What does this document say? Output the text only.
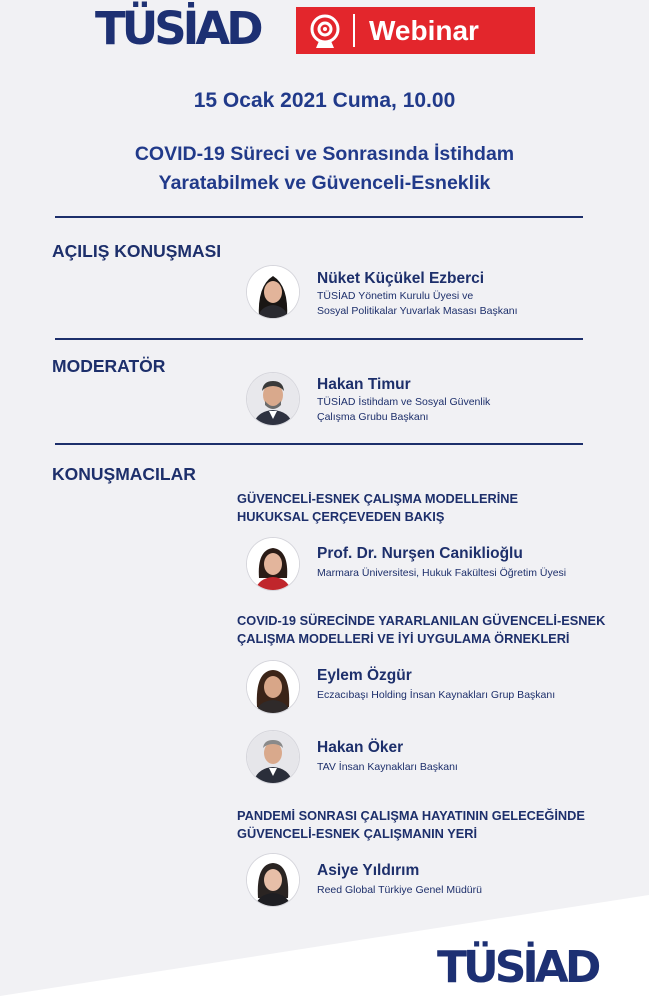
TÜSİAD	Webinar
15 Ocak 2021 Cuma, 10.00
COVID-19 Süreci ve Sonrasında İstihdam
Yaratabilmek ve Güvenceli-Esneklik
AÇILIŞ KONUŞMASI
Nüket Küçükel Ezberci
TÜSİAD Yönetim Kurulu Üyesi ve
Sosyal Politikalar Yuvarlak Masası Başkanı
MODERATÖR
Hakan Timur
TÜSİAD İstihdam ve Sosyal Güvenlik
Çalışma Grubu Başkanı
KONUŞMACILAR
GÜVENCELİ-ESNEK ÇALIŞMA MODELLERİNE
HUKUKSAL ÇERÇEVEDEN BAKIŞ
Prof. Dr. Nurşen Caniklioğlu
Marmara Üniversitesi, Hukuk Fakültesi Öğretim Üyesi
COVID-19 SÜRECİNDE YARARLANILAN GÜVENCELİ-ESNEK
ÇALIŞMA MODELLERİ VE İYİ UYGULAMA ÖRNEKLERİ
Eylem Özgür
Eczacıbaşı Holding İnsan Kaynakları Grup Başkanı
Hakan Öker
TAV İnsan Kaynakları Başkanı
PANDEMİ SONRASI ÇALIŞMA HAYATININ GELECEĞİNDE
GÜVENCELİ-ESNEK ÇALIŞMANIN YERİ
Asiye Yıldırım
Reed Global Türkiye Genel Müdürü
TÜSİAD
